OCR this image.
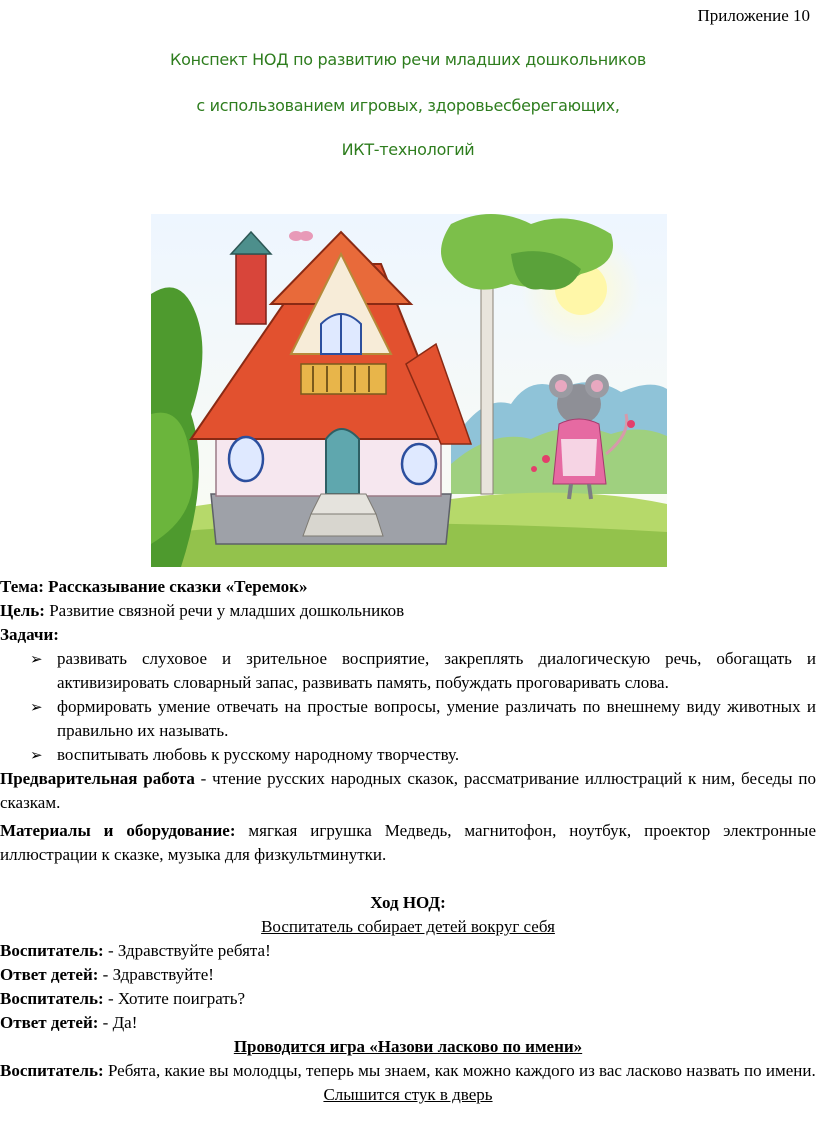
Приложение 10
Конспект НОД по развитию речи младших дошкольников
с использованием игровых, здоровьесберегающих,
ИКТ-технологий

Тема: Рассказывание сказки «Теремок»

Цель: Развитие связной речи у младших дошкольников

Задачи:

➢ развивать слуховое и зрительное восприятие, закреплять диалогическую речь, обогащать и активизировать словарный запас, развивать память, побуждать проговаривать слова.
➢ формировать умение отвечать на простые вопросы, умение различать по внешнему виду животных и правильно их называть.
➢ воспитывать любовь к русскому народному творчеству.

Предварительная работа - чтение русских народных сказок, рассматривание иллюстраций к ним, беседы по сказкам.

Материалы и оборудование: мягкая игрушка Медведь, магнитофон, ноутбук, проектор электронные иллюстрации к сказке, музыка для физкультминутки.

Ход НОД:

Воспитатель собирает детей вокруг себя

Воспитатель: - Здравствуйте ребята!

Ответ детей: - Здравствуйте!

Воспитатель: - Хотите поиграть?

Ответ детей: - Да!

Проводится игра «Назови ласково по имени»

Воспитатель: Ребята, какие вы молодцы, теперь мы знаем, как можно каждого из вас ласково назвать по имени.

Слышится стук в дверь
